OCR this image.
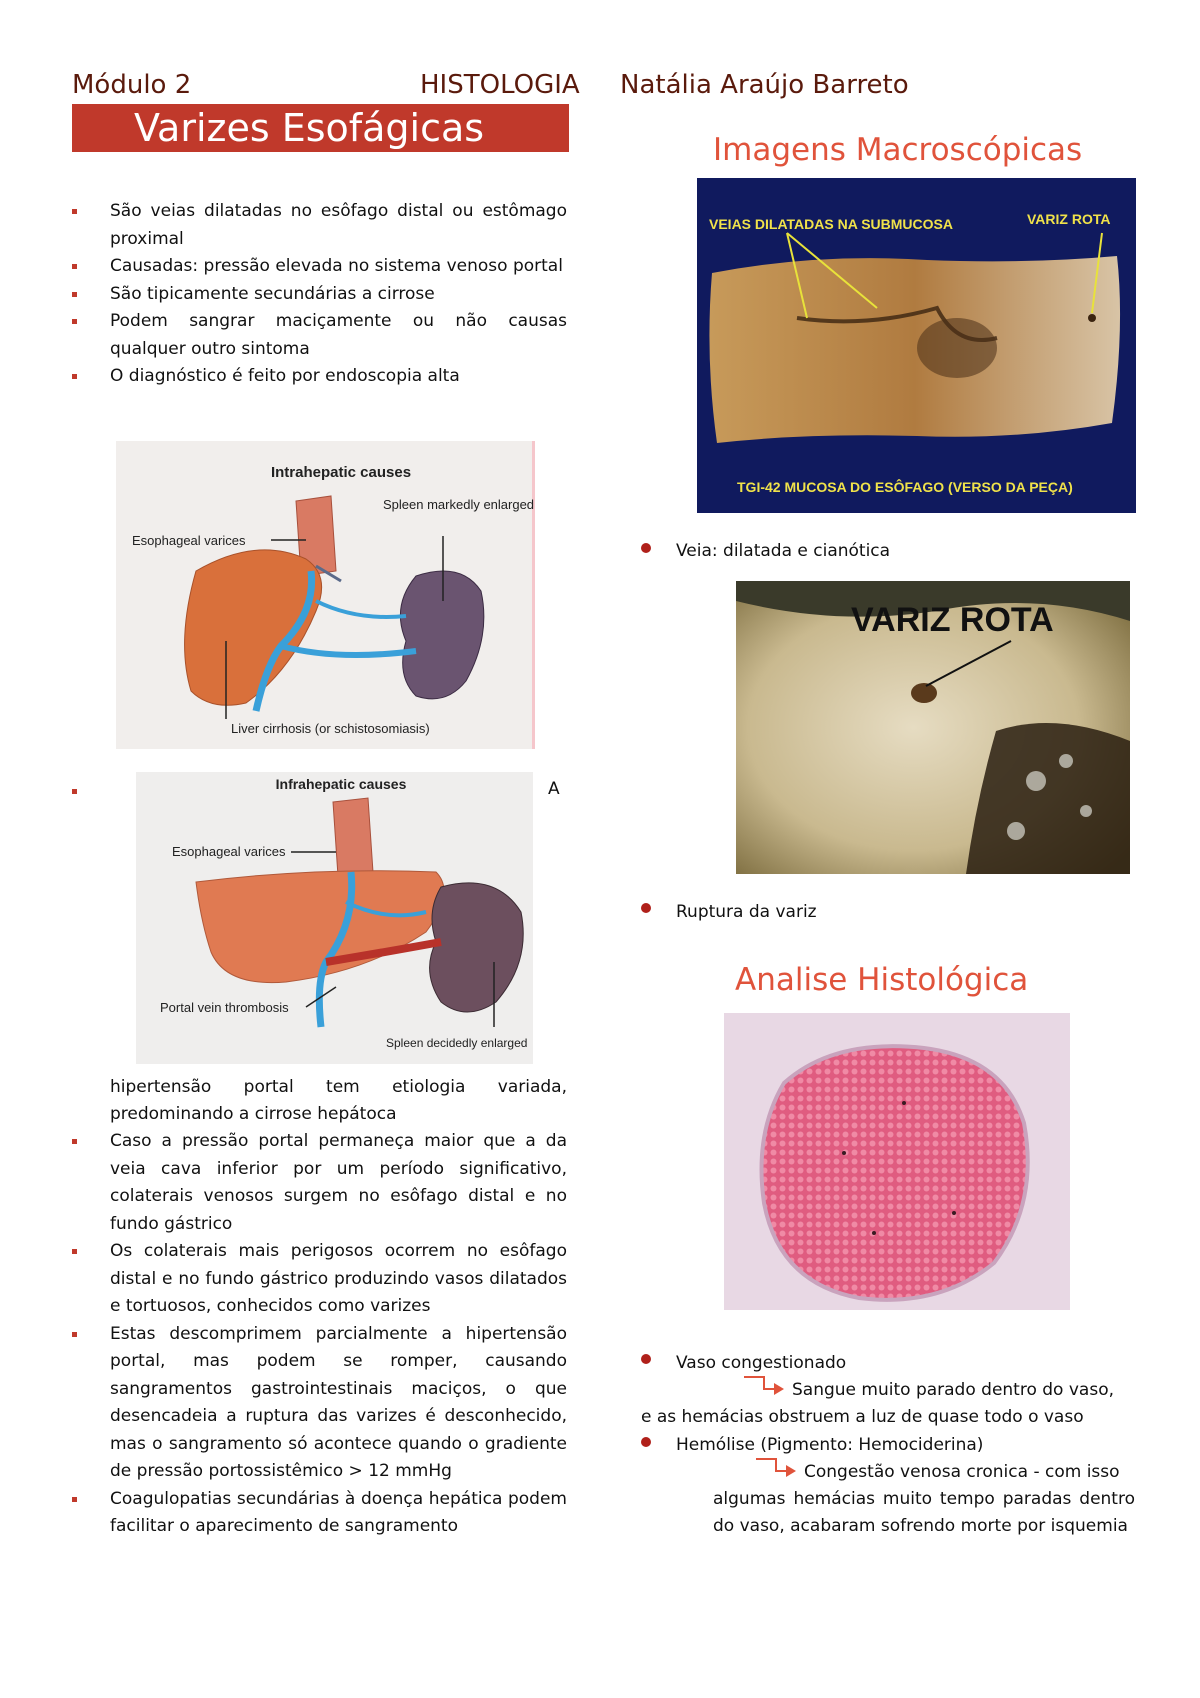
Módulo 2	HISTOLOGIA Natália Araújo Barreto
Varizes Esofágicas
São veias dilatadas no esôfago distal ou estômago proximal
Causadas: pressão elevada no sistema venoso portal
São tipicamente secundárias a cirrose
Podem sangrar maciçamente ou não causas qualquer outro sintoma
O diagnóstico é feito por endoscopia alta
Intrahepatic causes
Esophageal varices
Spleen markedly enlarged
Liver cirrhosis (or schistosomiasis)
A
Infrahepatic causes
Esophageal varices
Portal vein thrombosis
Spleen decidedly enlarged
hipertensão portal tem etiologia variada, predominando a cirrose hepátoca
Caso a pressão portal permaneça maior que a da veia cava inferior por um período significativo, colaterais venosos surgem no esôfago distal e no fundo gástrico
Os colaterais mais perigosos ocorrem no esôfago distal e no fundo gástrico produzindo vasos dilatados e tortuosos, conhecidos como varizes
Estas descomprimem parcialmente a hipertensão portal, mas podem se romper, causando sangramentos gastrointestinais maciços, o que desencadeia a ruptura das varizes é desconhecido, mas o sangramento só acontece quando o gradiente de pressão portossistêmico > 12 mmHg
Coagulopatias secundárias à doença hepática podem facilitar o aparecimento de sangramento
Imagens Macroscópicas
VEIAS DILATADAS NA SUBMUCOSA	VARIZ ROTA
TGI-42 MUCOSA DO ESÔFAGO (VERSO DA PEÇA)
Veia: dilatada e cianótica
VARIZ ROTA
Ruptura da variz
Analise Histológica
Vaso congestionado
Sangue muito parado dentro do vaso,
e as hemácias obstruem a luz de quase todo o vaso
Hemólise (Pigmento: Hemociderina)
Congestão venosa cronica - com isso
algumas hemácias muito tempo paradas dentro do vaso, acabaram sofrendo morte por isquemia
